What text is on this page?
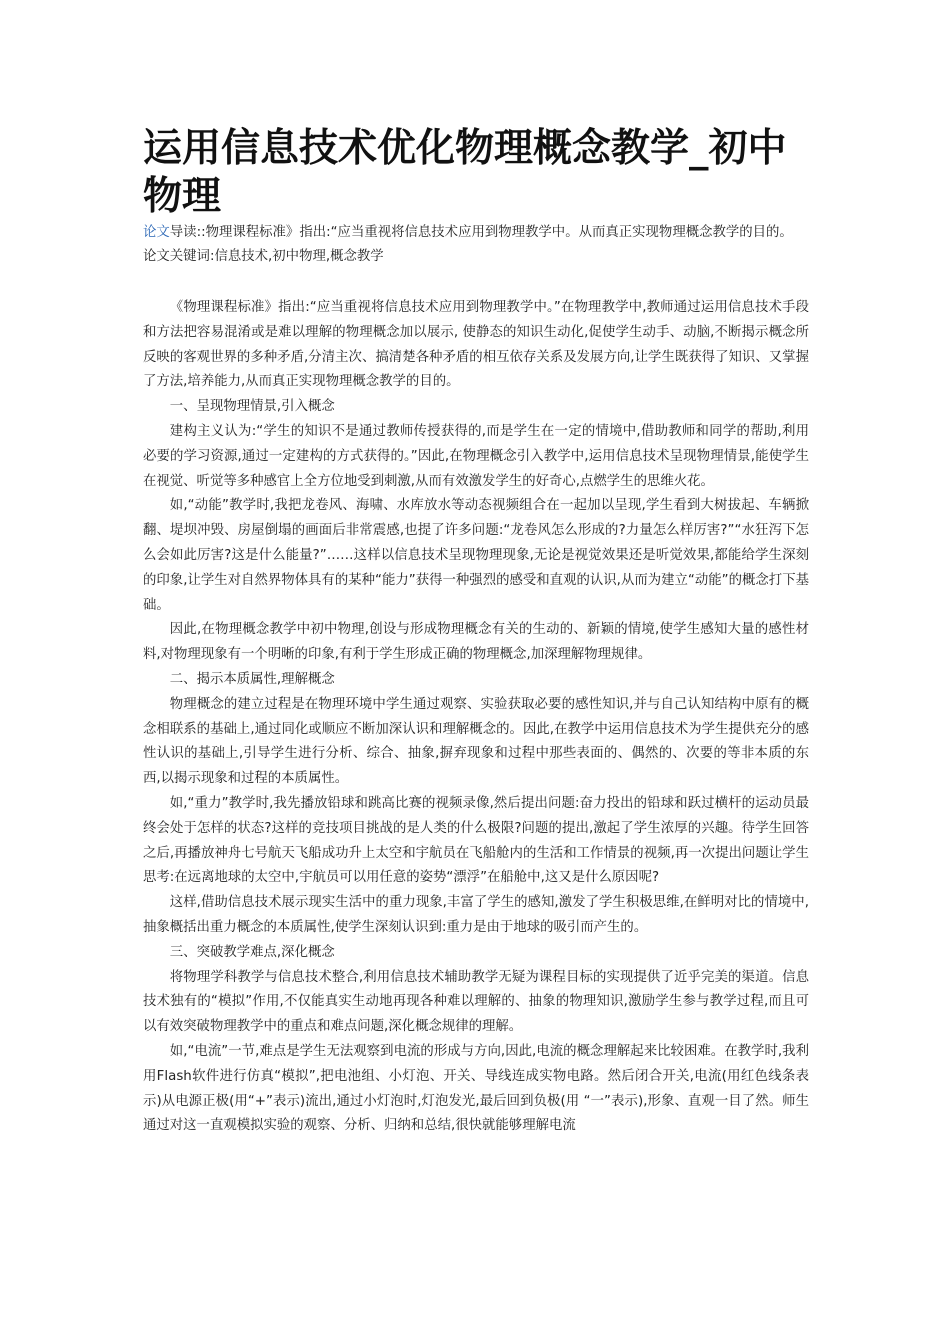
运用信息技术优化物理概念教学_初中物理

论文导读::物理课程标准》指出:“应当重视将信息技术应用到物理教学中。从而真正实现物理概念教学的目的。

论文关键词:信息技术,初中物理,概念教学

《物理课程标准》指出:“应当重视将信息技术应用到物理教学中。”在物理教学中,教师通过运用信息技术手段和方法把容易混淆或是难以理解的物理概念加以展示, 使静态的知识生动化,促使学生动手、动脑,不断揭示概念所反映的客观世界的多种矛盾,分清主次、搞清楚各种矛盾的相互依存关系及发展方向,让学生既获得了知识、又掌握了方法,培养能力,从而真正实现物理概念教学的目的。

一、呈现物理情景,引入概念

建构主义认为:“学生的知识不是通过教师传授获得的,而是学生在一定的情境中,借助教师和同学的帮助,利用必要的学习资源,通过一定建构的方式获得的。”因此,在物理概念引入教学中,运用信息技术呈现物理情景,能使学生在视觉、听觉等多种感官上全方位地受到刺激,从而有效激发学生的好奇心,点燃学生的思维火花。

如,“动能”教学时,我把龙卷风、海啸、水库放水等动态视频组合在一起加以呈现,学生看到大树拔起、车辆掀翻、堤坝冲毁、房屋倒塌的画面后非常震感,也提了许多问题:“龙卷风怎么形成的?力量怎么样厉害?”“水狂泻下怎么会如此厉害?这是什么能量?”……这样以信息技术呈现物理现象,无论是视觉效果还是听觉效果,都能给学生深刻的印象,让学生对自然界物体具有的某种“能力”获得一种强烈的感受和直观的认识,从而为建立“动能”的概念打下基础。

因此,在物理概念教学中初中物理,创设与形成物理概念有关的生动的、新颖的情境,使学生感知大量的感性材料,对物理现象有一个明晰的印象,有利于学生形成正确的物理概念,加深理解物理规律。

二、揭示本质属性,理解概念

物理概念的建立过程是在物理环境中学生通过观察、实验获取必要的感性知识,并与自己认知结构中原有的概念相联系的基础上,通过同化或顺应不断加深认识和理解概念的。因此,在教学中运用信息技术为学生提供充分的感性认识的基础上,引导学生进行分析、综合、抽象,摒弃现象和过程中那些表面的、偶然的、次要的等非本质的东西,以揭示现象和过程的本质属性。

如,“重力”教学时,我先播放铅球和跳高比赛的视频录像,然后提出问题:奋力投出的铅球和跃过横杆的运动员最终会处于怎样的状态?这样的竞技项目挑战的是人类的什么极限?问题的提出,激起了学生浓厚的兴趣。待学生回答之后,再播放神舟七号航天飞船成功升上太空和宇航员在飞船舱内的生活和工作情景的视频,再一次提出问题让学生思考:在远离地球的太空中,宇航员可以用任意的姿势“漂浮”在船舱中,这又是什么原因呢?

这样,借助信息技术展示现实生活中的重力现象,丰富了学生的感知,激发了学生积极思维,在鲜明对比的情境中,抽象概括出重力概念的本质属性,使学生深刻认识到:重力是由于地球的吸引而产生的。

三、突破教学难点,深化概念

将物理学科教学与信息技术整合,利用信息技术辅助教学无疑为课程目标的实现提供了近乎完美的渠道。信息技术独有的“模拟”作用,不仅能真实生动地再现各种难以理解的、抽象的物理知识,激励学生参与教学过程,而且可以有效突破物理教学中的重点和难点问题,深化概念规律的理解。

如,“电流”一节,难点是学生无法观察到电流的形成与方向,因此,电流的概念理解起来比较困难。在教学时,我利用Flash软件进行仿真“模拟”,把电池组、小灯泡、开关、导线连成实物电路。然后闭合开关,电流(用红色线条表示)从电源正极(用“+”表示)流出,通过小灯泡时,灯泡发光,最后回到负极(用 “一”表示),形象、直观一目了然。师生通过对这一直观模拟实验的观察、分析、归纳和总结,很快就能够理解电流
